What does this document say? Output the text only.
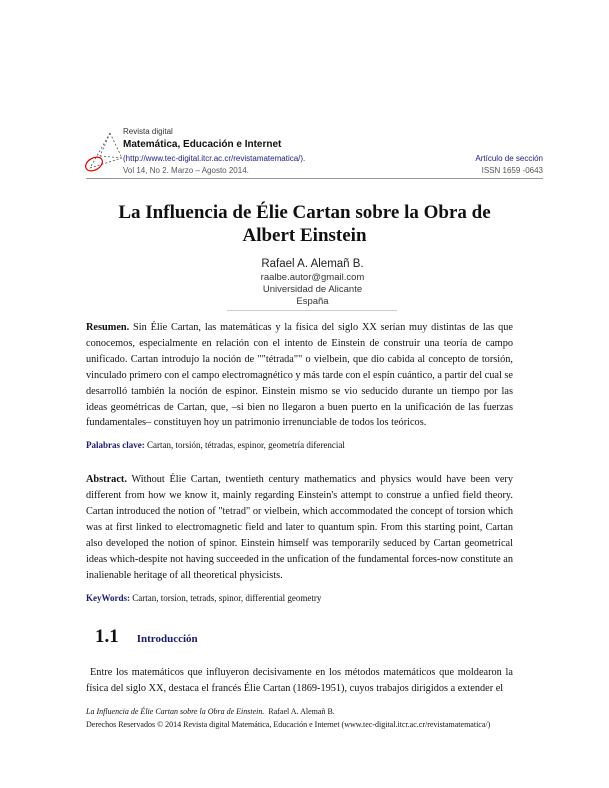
Revista digital
Matemática, Educación e Internet
(http://www.tec-digital.itcr.ac.cr/revistamatematica/).
Vol 14, No 2. Marzo – Agosto 2014.
Artículo de sección
ISSN 1659 -0643
La Influencia de Élie Cartan sobre la Obra de
Albert Einstein
Rafael A. Alemañ B.
raalbe.autor@gmail.com
Universidad de Alicante
España
Resumen. Sin Élie Cartan, las matemáticas y la física del siglo XX serían muy distintas de las que conocemos, especialmente en relación con el intento de Einstein de construir una teoría de campo unificado. Cartan introdujo la noción de ""tétrada"" o vielbein, que dio cabida al concepto de torsión, vinculado primero con el campo electromagnético y más tarde con el espín cuántico, a partir del cual se desarrolló también la noción de espinor. Einstein mismo se vio seducido durante un tiempo por las ideas geométricas de Cartan, que, –si bien no llegaron a buen puerto en la unificación de las fuerzas fundamentales– constituyen hoy un patrimonio irrenunciable de todos los teóricos.
Palabras clave: Cartan, torsión, tétradas, espinor, geometría diferencial
Abstract. Without Élie Cartan, twentieth century mathematics and physics would have been very different from how we know it, mainly regarding Einstein's attempt to construe a unfied field theory. Cartan introduced the notion of "tetrad" or vielbein, which accommodated the concept of torsion which was at first linked to electromagnetic field and later to quantum spin. From this starting point, Cartan also developed the notion of spinor. Einstein himself was temporarily seduced by Cartan geometrical ideas which-despite not having succeeded in the unfication of the fundamental forces-now constitute an inalienable heritage of all theoretical physicists.
KeyWords: Cartan, torsion, tetrads, spinor, differential geometry
1.1 Introducción
Entre los matemáticos que influyeron decisivamente en los métodos matemáticos que moldearon la física del siglo XX, destaca el francés Élie Cartan (1869-1951), cuyos trabajos dirigidos a extender el
La Influencia de Élie Cartan sobre la Obra de Einstein. Rafael A. Alemañ B.
Derechos Reservados © 2014 Revista digital Matemática, Educación e Internet (www.tec-digital.itcr.ac.cr/revistamatematica/)
